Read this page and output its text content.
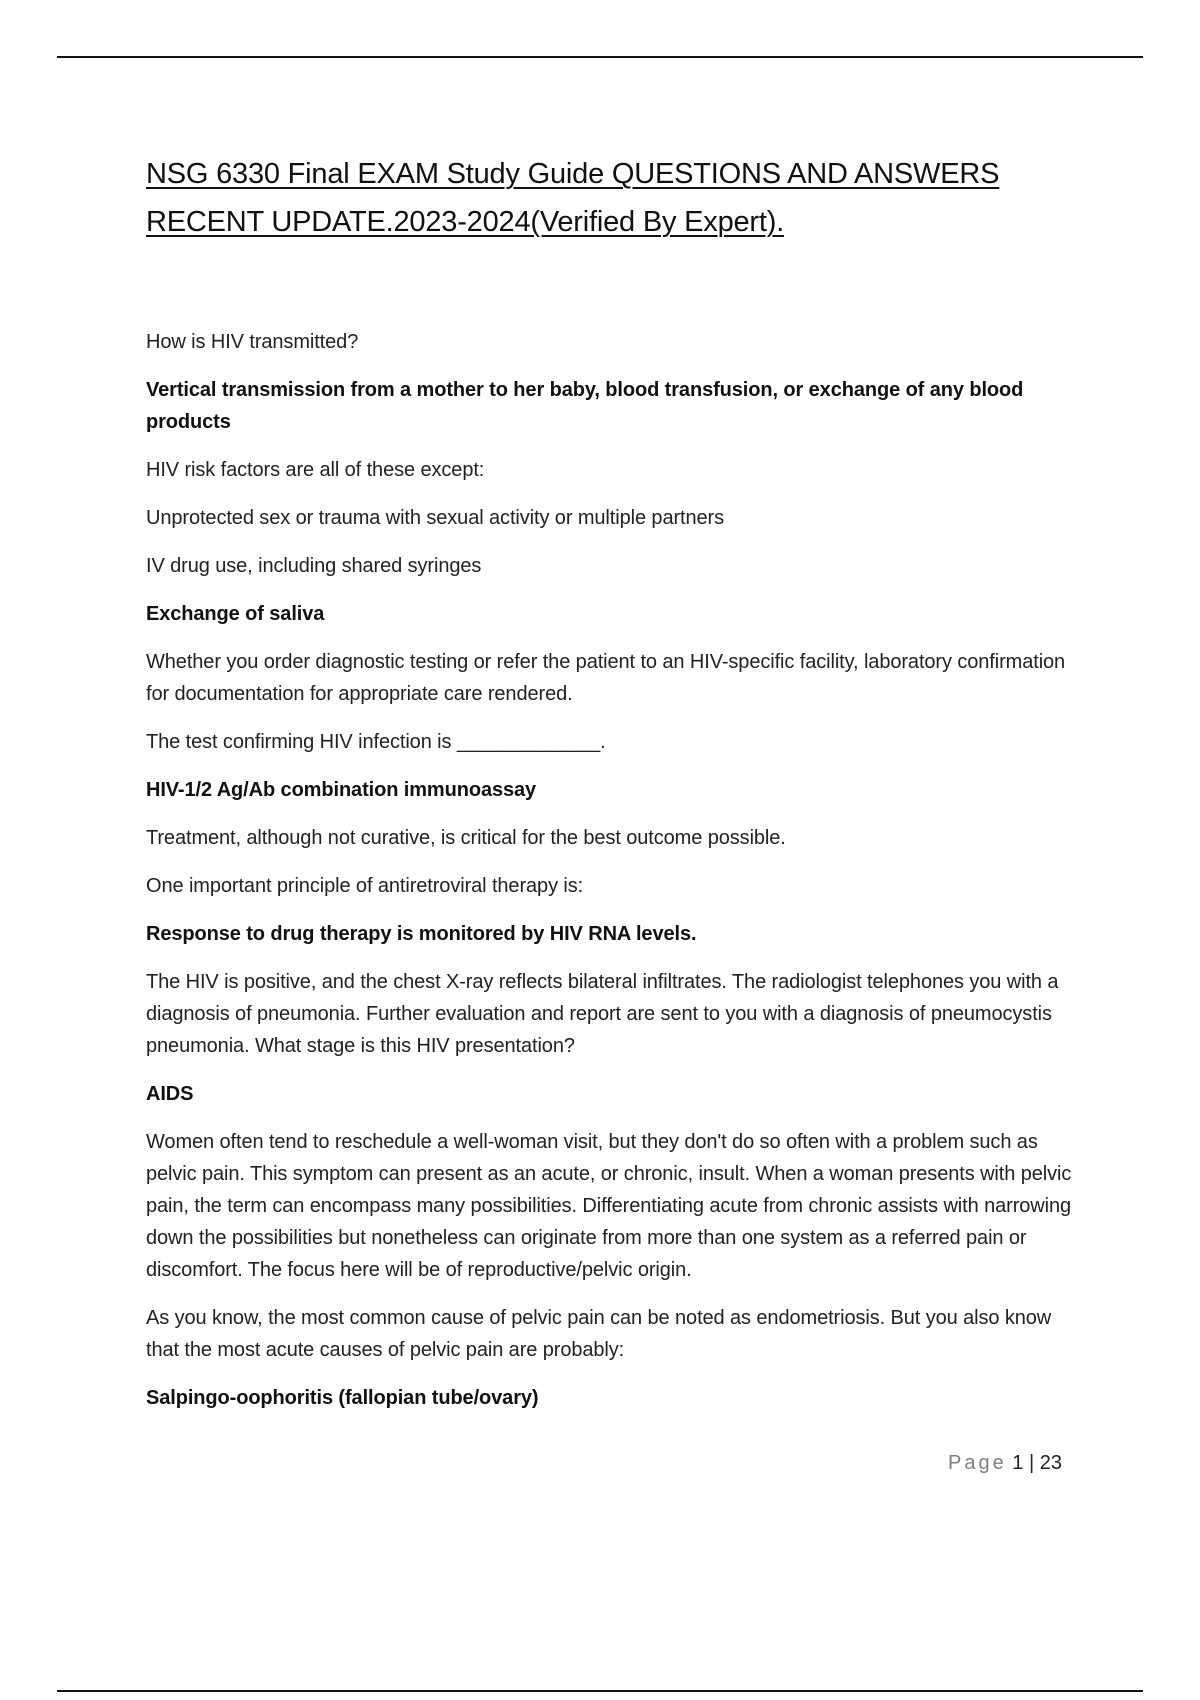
NSG 6330 Final EXAM Study Guide QUESTIONS AND ANSWERS
RECENT UPDATE.2023-2024(Verified By Expert).

How is HIV transmitted?

Vertical transmission from a mother to her baby, blood transfusion, or exchange of any blood products

HIV risk factors are all of these except:

Unprotected sex or trauma with sexual activity or multiple partners

IV drug use, including shared syringes

Exchange of saliva

Whether you order diagnostic testing or refer the patient to an HIV-specific facility, laboratory confirmation for documentation for appropriate care rendered.

The test confirming HIV infection is _____________.

HIV-1/2 Ag/Ab combination immunoassay

Treatment, although not curative, is critical for the best outcome possible.

One important principle of antiretroviral therapy is:

Response to drug therapy is monitored by HIV RNA levels.

The HIV is positive, and the chest X-ray reflects bilateral infiltrates. The radiologist telephones you with a diagnosis of pneumonia. Further evaluation and report are sent to you with a diagnosis of pneumocystis pneumonia. What stage is this HIV presentation?

AIDS

Women often tend to reschedule a well-woman visit, but they don't do so often with a problem such as pelvic pain. This symptom can present as an acute, or chronic, insult. When a woman presents with pelvic pain, the term can encompass many possibilities. Differentiating acute from chronic assists with narrowing down the possibilities but nonetheless can originate from more than one system as a referred pain or discomfort. The focus here will be of reproductive/pelvic origin.

As you know, the most common cause of pelvic pain can be noted as endometriosis. But you also know that the most acute causes of pelvic pain are probably:

Salpingo-oophoritis (fallopian tube/ovary)

Page 1 | 23
